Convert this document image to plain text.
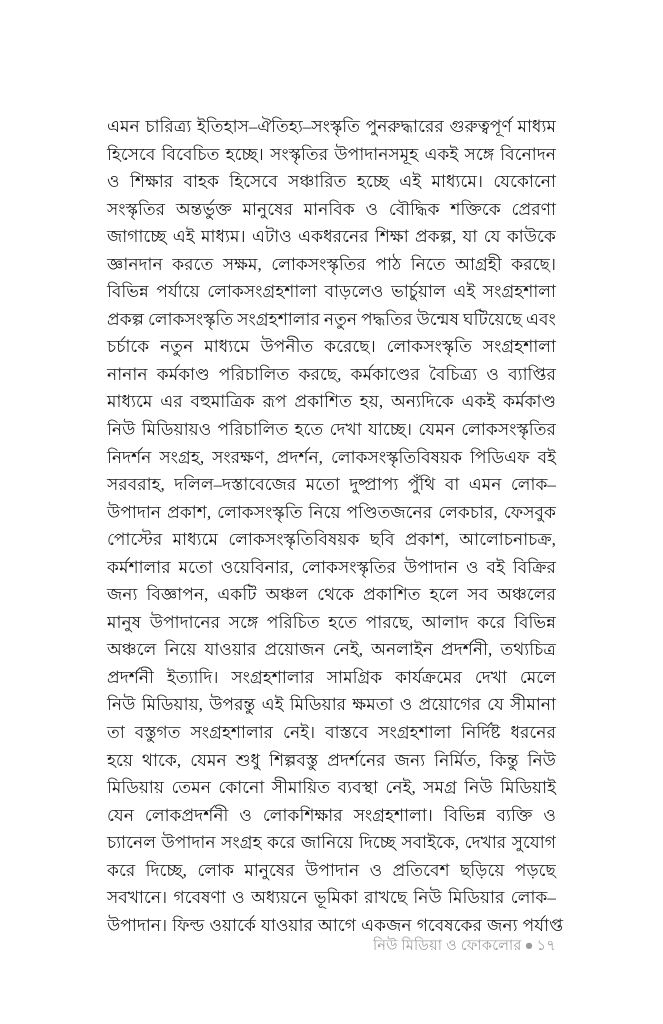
এমন চারিত্র্য ইতিহাস–ঐতিহ্য–সংস্কৃতি পুনরুদ্ধারের গুরুত্বপূর্ণ মাধ্যম
হিসেবে বিবেচিত হচ্ছে। সংস্কৃতির উপাদানসমূহ একই সঙ্গে বিনোদন
ও শিক্ষার বাহক হিসেবে সঞ্চারিত হচ্ছে এই মাধ্যমে। যেকোনো
সংস্কৃতির অন্তর্ভুক্ত মানুষের মানবিক ও বৌদ্ধিক শক্তিকে প্রেরণা
জাগাচ্ছে এই মাধ্যম। এটাও একধরনের শিক্ষা প্রকল্প, যা যে কাউকে
জ্ঞানদান করতে সক্ষম, লোকসংস্কৃতির পাঠ নিতে আগ্রহী করছে।
বিভিন্ন পর্যায়ে লোকসংগ্রহশালা বাড়লেও ভার্চুয়াল এই সংগ্রহশালা
প্রকল্প লোকসংস্কৃতি সংগ্রহশালার নতুন পদ্ধতির উন্মেষ ঘটিয়েছে এবং
চর্চাকে নতুন মাধ্যমে উপনীত করেছে। লোকসংস্কৃতি সংগ্রহশালা
নানান কর্মকাণ্ড পরিচালিত করছে, কর্মকাণ্ডের বৈচিত্র্য ও ব্যাপ্তির
মাধ্যমে এর বহুমাত্রিক রূপ প্রকাশিত হয়, অন্যদিকে একই কর্মকাণ্ড
নিউ মিডিয়ায়ও পরিচালিত হতে দেখা যাচ্ছে। যেমন লোকসংস্কৃতির
নিদর্শন সংগ্রহ, সংরক্ষণ, প্রদর্শন, লোকসংস্কৃতিবিষয়ক পিডিএফ বই
সরবরাহ, দলিল–দস্তাবেজের মতো দুষ্প্রাপ্য পুঁথি বা এমন লোক–
উপাদান প্রকাশ, লোকসংস্কৃতি নিয়ে পণ্ডিতজনের লেকচার, ফেসবুক
পোস্টের মাধ্যমে লোকসংস্কৃতিবিষয়ক ছবি প্রকাশ, আলোচনাচক্র,
কর্মশালার মতো ওয়েবিনার, লোকসংস্কৃতির উপাদান ও বই বিক্রির
জন্য বিজ্ঞাপন, একটি অঞ্চল থেকে প্রকাশিত হলে সব অঞ্চলের
মানুষ উপাদানের সঙ্গে পরিচিত হতে পারছে, আলাদ করে বিভিন্ন
অঞ্চলে নিয়ে যাওয়ার প্রয়োজন নেই, অনলাইন প্রদর্শনী, তথ্যচিত্র
প্রদর্শনী ইত্যাদি। সংগ্রহশালার সামগ্রিক কার্যক্রমের দেখা মেলে
নিউ মিডিয়ায়, উপরন্তু এই মিডিয়ার ক্ষমতা ও প্রয়োগের যে সীমানা
তা বস্তুগত সংগ্রহশালার নেই। বাস্তবে সংগ্রহশালা নির্দিষ্ট ধরনের
হয়ে থাকে, যেমন শুধু শিল্পবস্তু প্রদর্শনের জন্য নির্মিত, কিন্তু নিউ
মিডিয়ায় তেমন কোনো সীমায়িত ব্যবস্থা নেই, সমগ্র নিউ মিডিয়াই
যেন লোকপ্রদর্শনী ও লোকশিক্ষার সংগ্রহশালা। বিভিন্ন ব্যক্তি ও
চ্যানেল উপাদান সংগ্রহ করে জানিয়ে দিচ্ছে সবাইকে, দেখার সুযোগ
করে দিচ্ছে, লোক মানুষের উপাদান ও প্রতিবেশ ছড়িয়ে পড়ছে
সবখানে। গবেষণা ও অধ্যয়নে ভূমিকা রাখছে নিউ মিডিয়ার লোক–
উপাদান। ফিল্ড ওয়ার্কে যাওয়ার আগে একজন গবেষকের জন্য পর্যাপ্ত
নিউ মিডিয়া ও ফোকলোর ● ১৭
